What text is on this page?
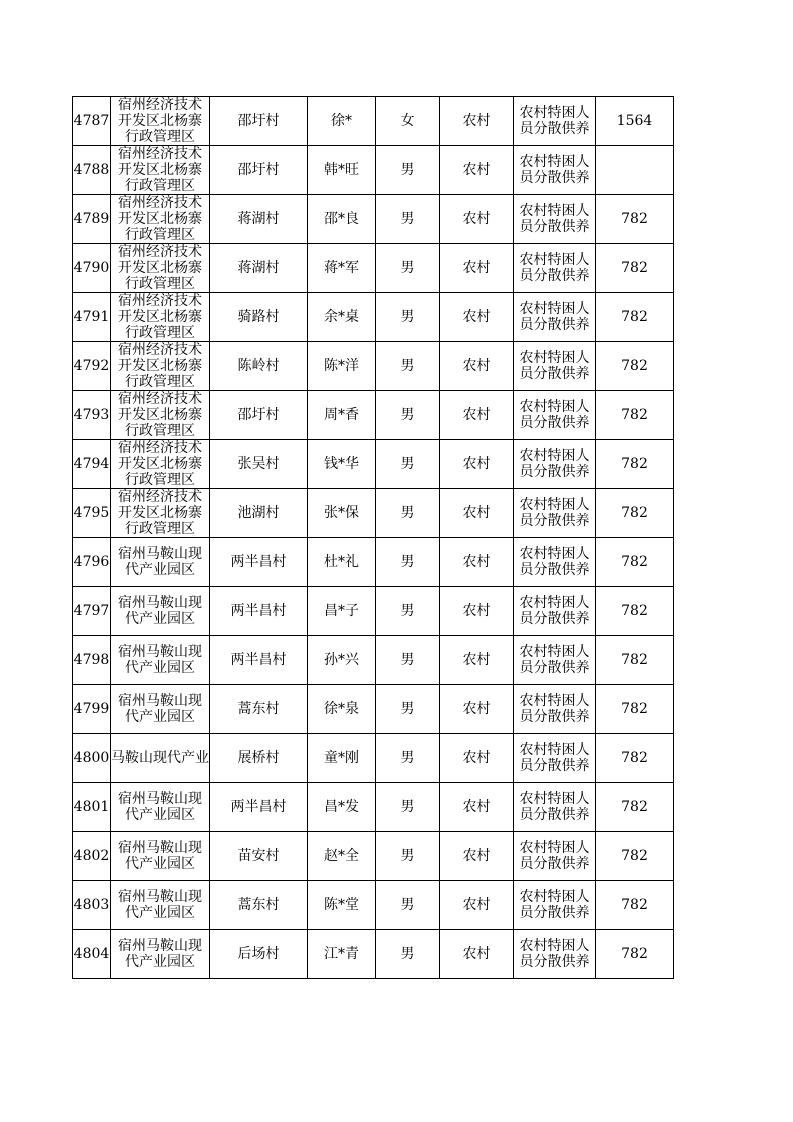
4787	宿州经济技术开发区北杨寨行政管理区	邵圩村	徐*	女	农村	农村特困人员分散供养	1564
4788	宿州经济技术开发区北杨寨行政管理区	邵圩村	韩*旺	男	农村	农村特困人员分散供养	

4789	宿州经济技术开发区北杨寨行政管理区	蒋湖村	邵*良	男	农村	农村特困人员分散供养	782
4790	宿州经济技术开发区北杨寨行政管理区	蒋湖村	蒋*军	男	农村	农村特困人员分散供养	782
4791	宿州经济技术开发区北杨寨行政管理区	骑路村	余*桌	男	农村	农村特困人员分散供养	782
4792	宿州经济技术开发区北杨寨行政管理区	陈岭村	陈*洋	男	农村	农村特困人员分散供养	782
4793	宿州经济技术开发区北杨寨行政管理区	邵圩村	周*香	男	农村	农村特困人员分散供养	782
4794	宿州经济技术开发区北杨寨行政管理区	张吴村	钱*华	男	农村	农村特困人员分散供养	782
4795	宿州经济技术开发区北杨寨行政管理区	池湖村	张*保	男	农村	农村特困人员分散供养	782
4796	宿州马鞍山现代产业园区	两半昌村	杜*礼	男	农村	农村特困人员分散供养	782
4797	宿州马鞍山现代产业园区	两半昌村	昌*子	男	农村	农村特困人员分散供养	782
4798	宿州马鞍山现代产业园区	两半昌村	孙*兴	男	农村	农村特困人员分散供养	782
4799	宿州马鞍山现代产业园区	蒿东村	徐*泉	男	农村	农村特困人员分散供养	782
4800	马鞍山现代产业	展桥村	童*刚	男	农村	农村特困人员分散供养	782
4801	宿州马鞍山现代产业园区	两半昌村	昌*发	男	农村	农村特困人员分散供养	782
4802	宿州马鞍山现代产业园区	苗安村	赵*全	男	农村	农村特困人员分散供养	782
4803	宿州马鞍山现代产业园区	蒿东村	陈*堂	男	农村	农村特困人员分散供养	782
4804	宿州马鞍山现代产业园区	后场村	江*青	男	农村	农村特困人员分散供养	782
